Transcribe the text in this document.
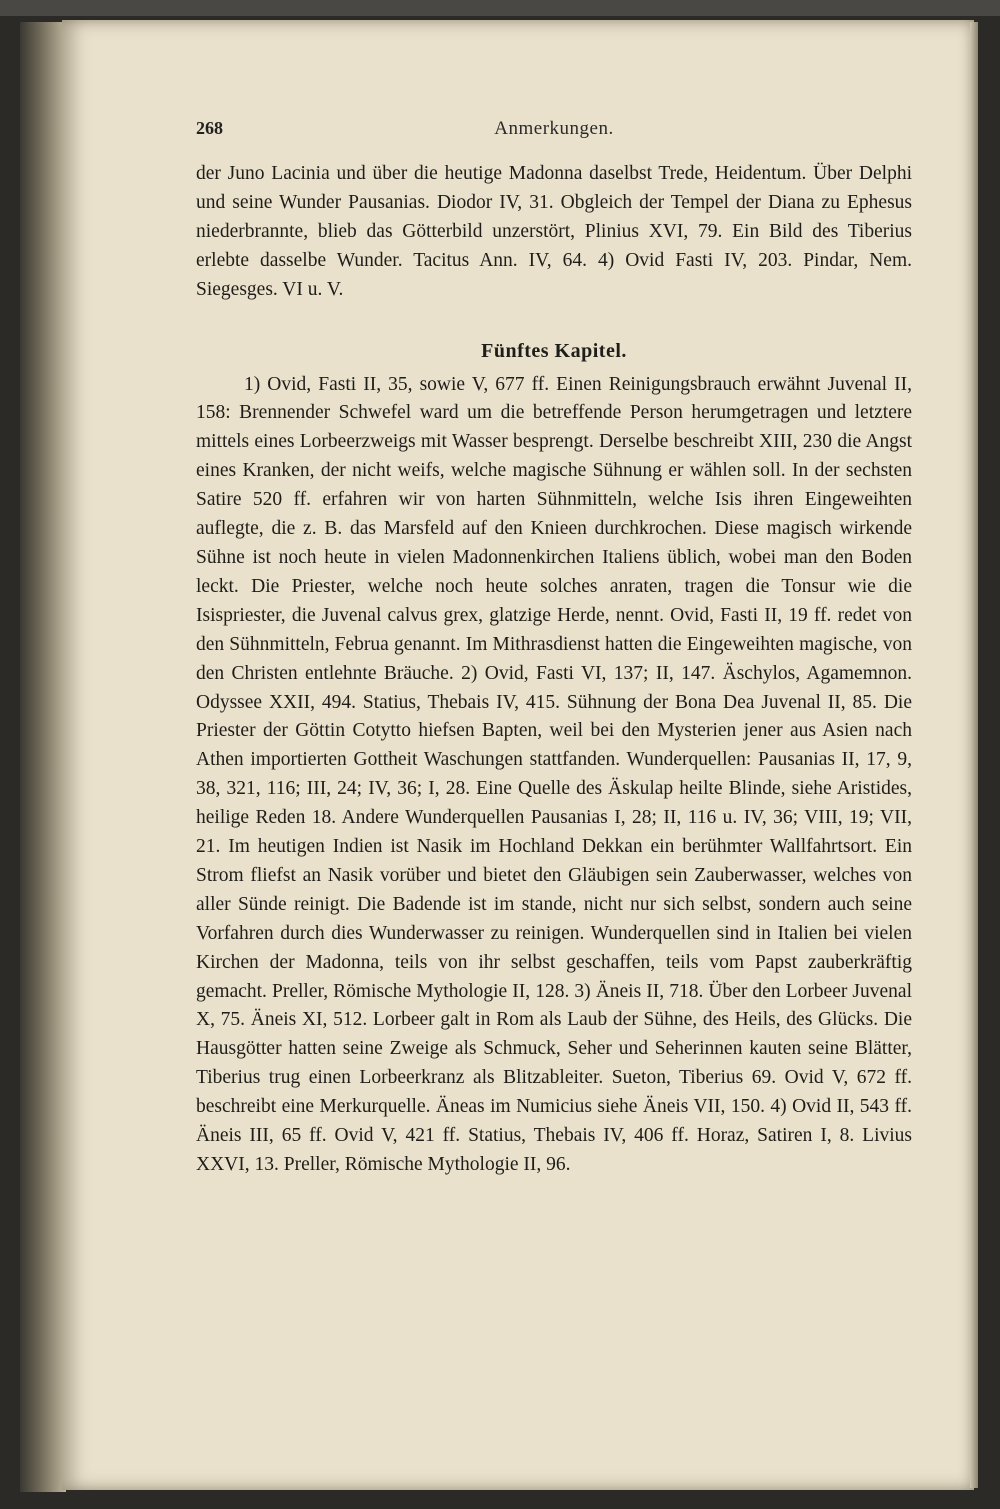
Anmerkungen.
268

der Juno Lacinia und über die heutige Madonna daselbst Trede, Heidentum. Über Delphi und seine Wunder Pausanias. Diodor IV, 31. Obgleich der Tempel der Diana zu Ephesus niederbrannte, blieb das Götterbild unzerstört, Plinius XVI, 79. Ein Bild des Tiberius erlebte dasselbe Wunder. Tacitus Ann. IV, 64. 4) Ovid Fasti IV, 203. Pindar, Nem. Siegesges. VI u. V.

Fünftes Kapitel.

1) Ovid, Fasti II, 35, sowie V, 677 ff. Einen Reinigungsbrauch erwähnt Juvenal II, 158: Brennender Schwefel ward um die betreffende Person herumgetragen und letztere mittels eines Lorbeerzweigs mit Wasser besprengt. Derselbe beschreibt XIII, 230 die Angst eines Kranken, der nicht weifs, welche magische Sühnung er wählen soll. In der sechsten Satire 520 ff. erfahren wir von harten Sühnmitteln, welche Isis ihren Eingeweihten auflegte, die z. B. das Marsfeld auf den Knieen durchkrochen. Diese magisch wirkende Sühne ist noch heute in vielen Madonnenkirchen Italiens üblich, wobei man den Boden leckt. Die Priester, welche noch heute solches anraten, tragen die Tonsur wie die Isispriester, die Juvenal calvus grex, glatzige Herde, nennt. Ovid, Fasti II, 19 ff. redet von den Sühnmitteln, Februa genannt. Im Mithrasdienst hatten die Eingeweihten magische, von den Christen entlehnte Bräuche. 2) Ovid, Fasti VI, 137; II, 147. Äschylos, Agamemnon. Odyssee XXII, 494. Statius, Thebais IV, 415. Sühnung der Bona Dea Juvenal II, 85. Die Priester der Göttin Cotytto hiefsen Bapten, weil bei den Mysterien jener aus Asien nach Athen importierten Gottheit Waschungen stattfanden. Wunderquellen: Pausanias II, 17, 9, 38, 321, 116; III, 24; IV, 36; I, 28. Eine Quelle des Äskulap heilte Blinde, siehe Aristides, heilige Reden 18. Andere Wunderquellen Pausanias I, 28; II, 116 u. IV, 36; VIII, 19; VII, 21. Im heutigen Indien ist Nasik im Hochland Dekkan ein berühmter Wallfahrtsort. Ein Strom fliefst an Nasik vorüber und bietet den Gläubigen sein Zauberwasser, welches von aller Sünde reinigt. Die Badende ist im stande, nicht nur sich selbst, sondern auch seine Vorfahren durch dies Wunderwasser zu reinigen. Wunderquellen sind in Italien bei vielen Kirchen der Madonna, teils von ihr selbst geschaffen, teils vom Papst zauberkräftig gemacht. Preller, Römische Mythologie II, 128. 3) Äneis II, 718. Über den Lorbeer Juvenal X, 75. Äneis XI, 512. Lorbeer galt in Rom als Laub der Sühne, des Heils, des Glücks. Die Hausgötter hatten seine Zweige als Schmuck, Seher und Seherinnen kauten seine Blätter, Tiberius trug einen Lorbeerkranz als Blitzableiter. Sueton, Tiberius 69. Ovid V, 672 ff. beschreibt eine Merkurquelle. Äneas im Numicius siehe Äneis VII, 150. 4) Ovid II, 543 ff. Äneis III, 65 ff. Ovid V, 421 ff. Statius, Thebais IV, 406 ff. Horaz, Satiren I, 8. Livius XXVI, 13. Preller, Römische Mythologie II, 96.
